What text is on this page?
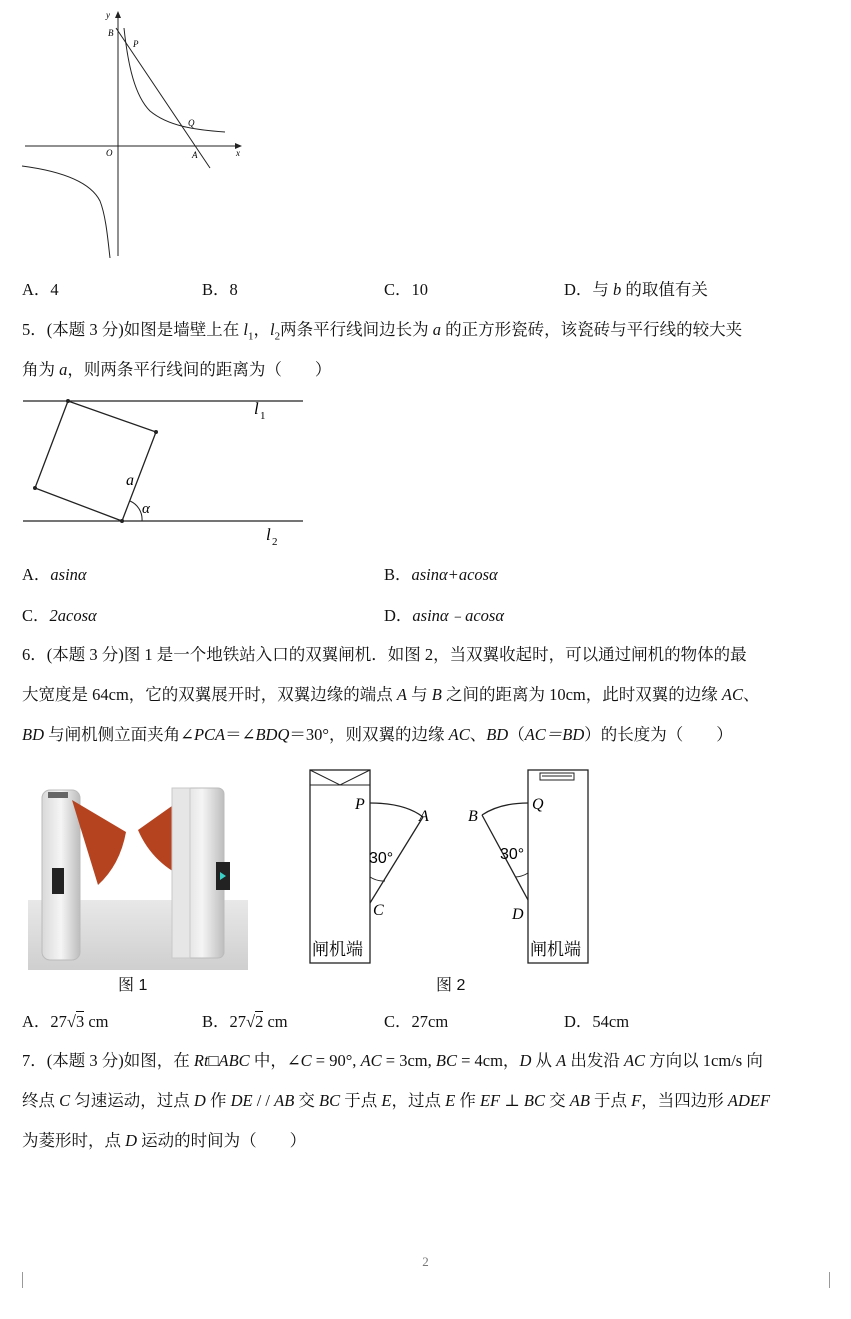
y
x
O
B
P
Q
A
A．4	B．8	C．10	D．与 b 的取值有关
5．(本题 3 分)如图是墙壁上在 $l_1$，$l_2$两条平行线间边长为 a 的正方形瓷砖，该瓷砖与平行线的较大夹
角为 a，则两条平行线间的距离为（　　）
l 1
l 2
a
α
A．asinα	B．asinα+acosα
C．2acosα	D．asinα﹣acosα
6．(本题 3 分)图 1 是一个地铁站入口的双翼闸机．如图 2，当双翼收起时，可以通过闸机的物体的最
大宽度是 64cm，它的双翼展开时，双翼边缘的端点 A 与 B 之间的距离为 10cm，此时双翼的边缘 AC、
BD 与闸机侧立面夹角∠PCA＝∠BDQ＝30°，则双翼的边缘 AC、BD（AC＝BD）的长度为（　　）
图 1
P
A
C
30°
闸机端
B
Q
D
30°
闸机端
图 2
A．27√3 cm	B．27√2 cm	C．27cm	D．54cm
7．(本题 3 分)如图，在 Rt□ABC 中，∠C = 90°, AC = 3cm, BC = 4cm，D 从 A 出发沿 AC 方向以 1cm/s 向
终点 C 匀速运动，过点 D 作 DE / / AB 交 BC 于点 E，过点 E 作 EF ⊥ BC 交 AB 于点 F，当四边形 ADEF
为菱形时，点 D 运动的时间为（　　）
2
